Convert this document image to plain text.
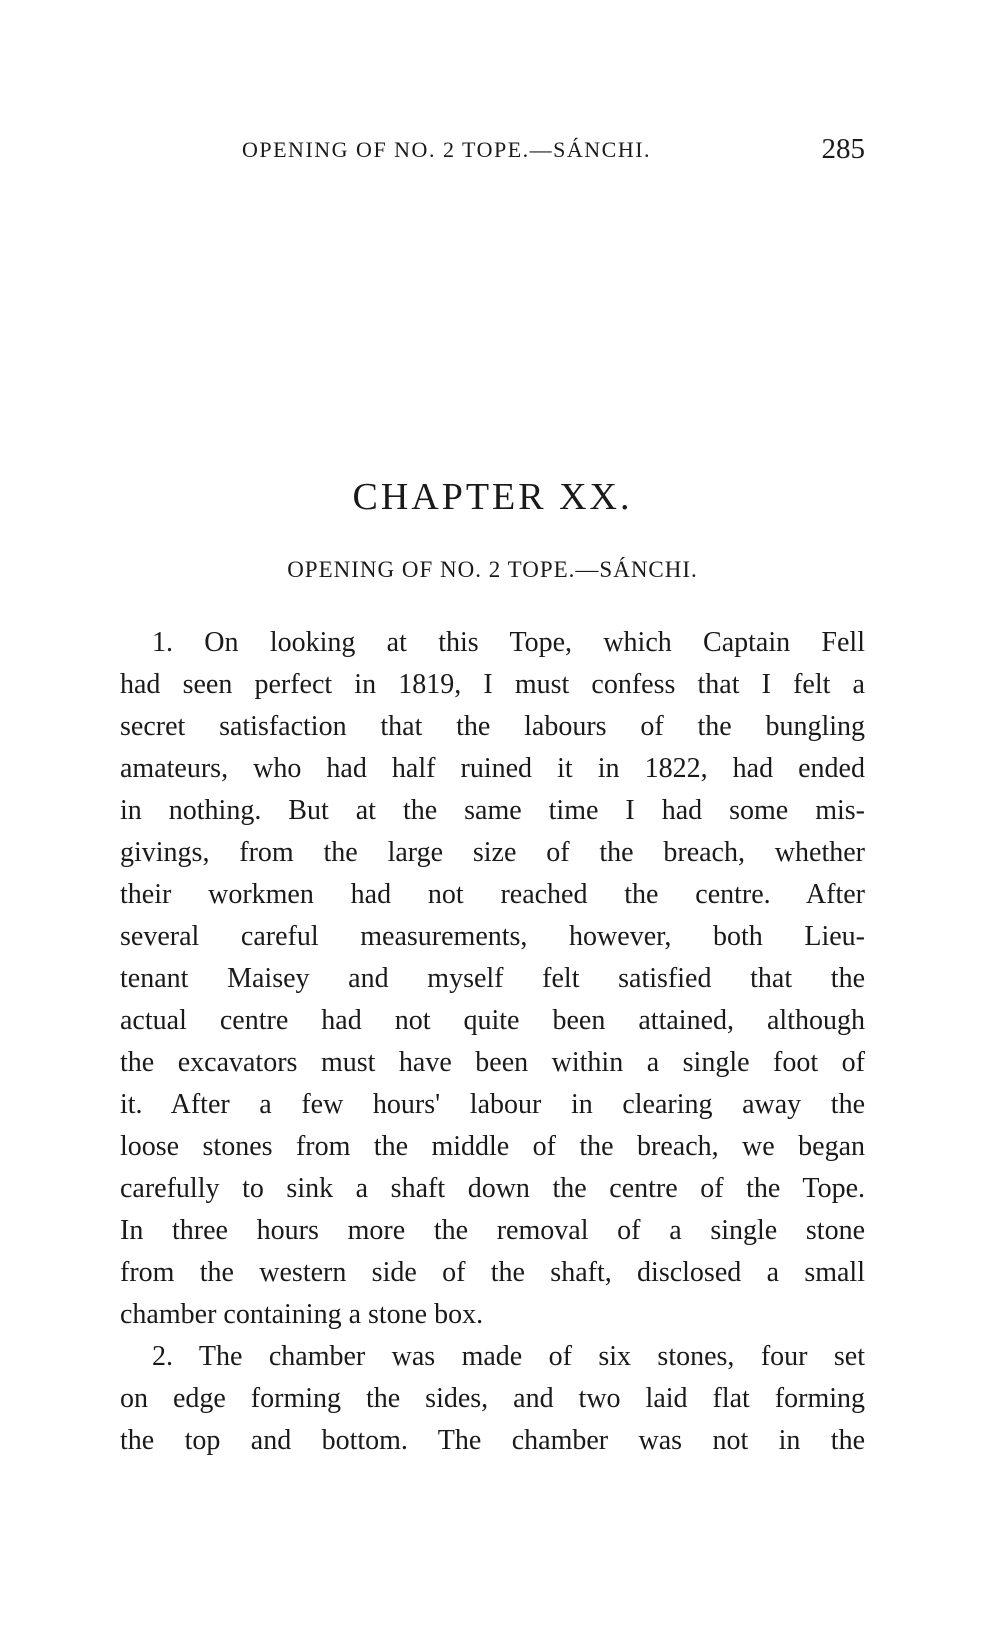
OPENING OF NO. 2 TOPE.—SÁNCHI.	285
CHAPTER XX.
OPENING OF NO. 2 TOPE.—SÁNCHI.
1. On looking at this Tope, which Captain Fell
had seen perfect in 1819, I must confess that I felt a
secret satisfaction that the labours of the bungling
amateurs, who had half ruined it in 1822, had ended
in nothing. But at the same time I had some mis-
givings, from the large size of the breach, whether
their workmen had not reached the centre. After
several careful measurements, however, both Lieu-
tenant Maisey and myself felt satisfied that the
actual centre had not quite been attained, although
the excavators must have been within a single foot of
it. After a few hours' labour in clearing away the
loose stones from the middle of the breach, we began
carefully to sink a shaft down the centre of the Tope.
In three hours more the removal of a single stone
from the western side of the shaft, disclosed a small
chamber containing a stone box.
2. The chamber was made of six stones, four set
on edge forming the sides, and two laid flat forming
the top and bottom. The chamber was not in the
